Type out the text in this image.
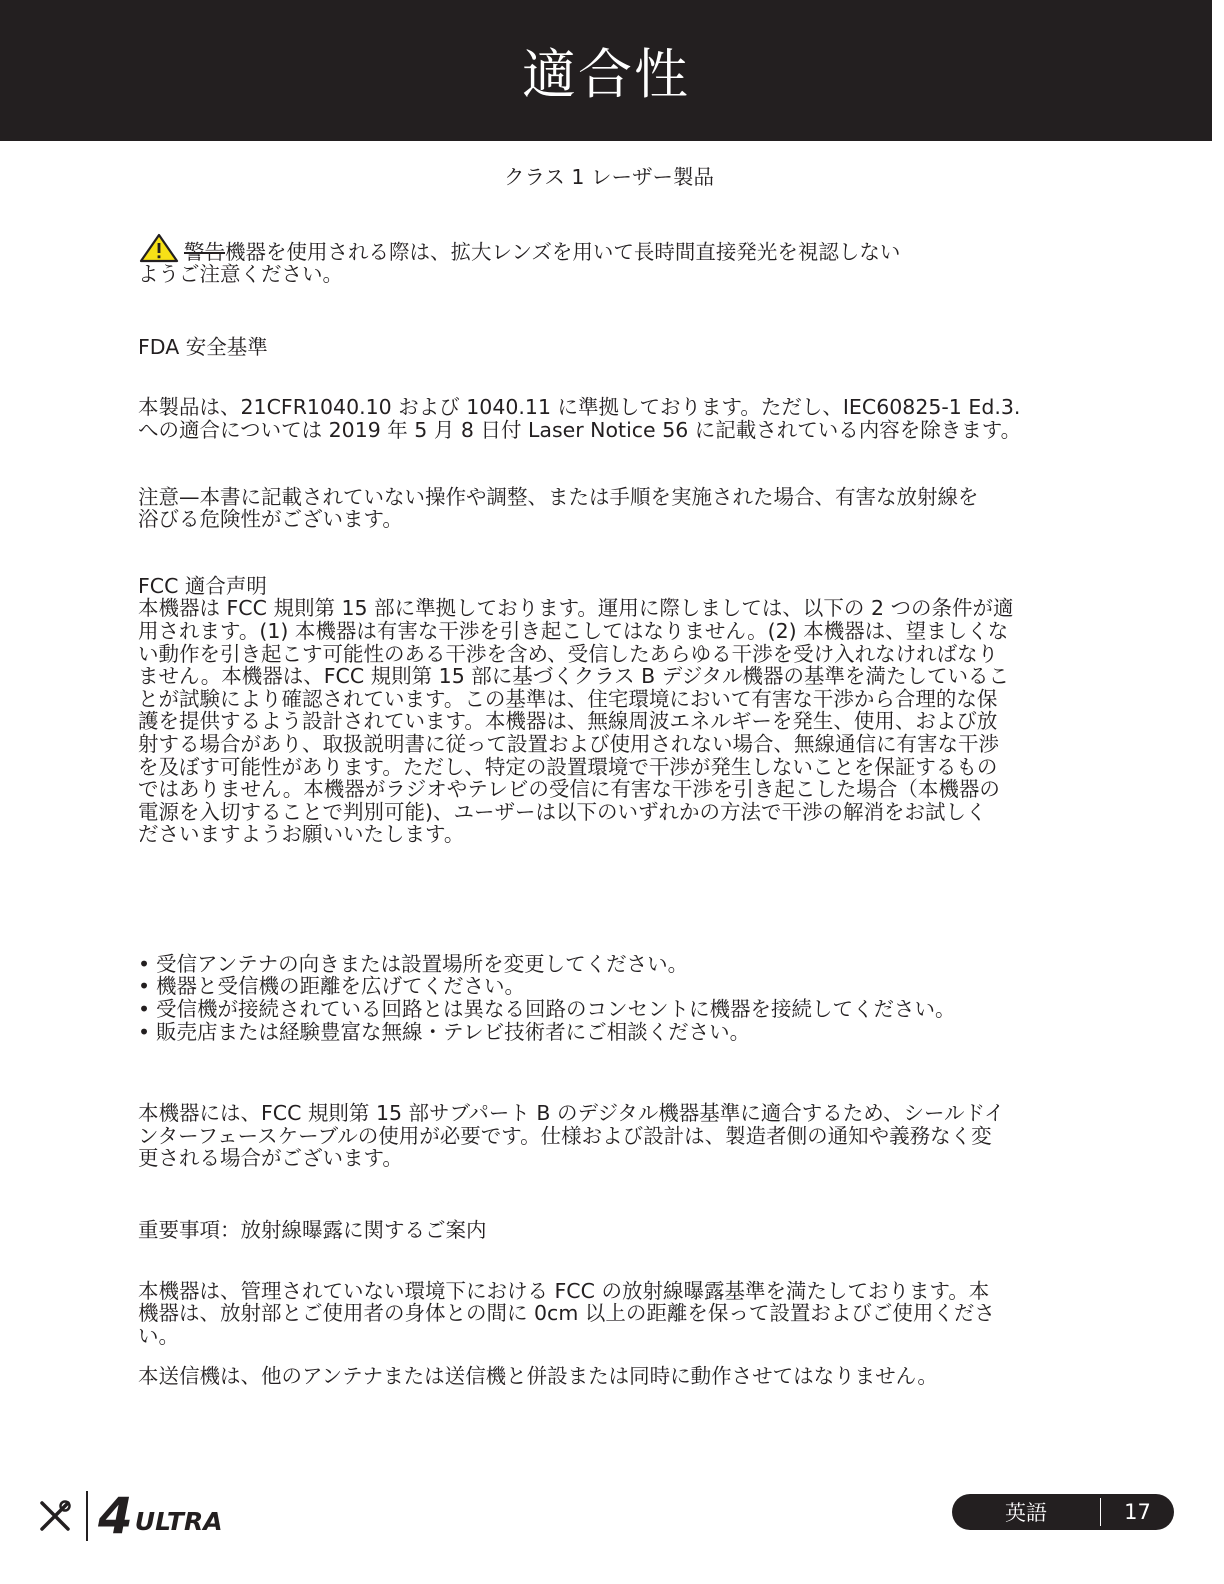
適合性

クラス 1 レーザー製品

警告機器を使用される際は、拡大レンズを用いて長時間直接発光を視認しない

ようご注意ください。

FDA 安全基準

本製品は、21CFR1040.10 および 1040.11 に準拠しております。ただし、IEC60825-1 Ed.3.

への適合については 2019 年 5 月 8 日付 Laser Notice 56 に記載されている内容を除きます。

注意—本書に記載されていない操作や調整、または手順を実施された場合、有害な放射線を

浴びる危険性がございます。

FCC 適合声明

本機器は FCC 規則第 15 部に準拠しております。運用に際しましては、以下の 2 つの条件が適

用されます。(1) 本機器は有害な干渉を引き起こしてはなりません。(2) 本機器は、望ましくな

い動作を引き起こす可能性のある干渉を含め、受信したあらゆる干渉を受け入れなければなり

ません。本機器は、FCC 規則第 15 部に基づくクラス B デジタル機器の基準を満たしているこ

とが試験により確認されています。この基準は、住宅環境において有害な干渉から合理的な保

護を提供するよう設計されています。本機器は、無線周波エネルギーを発生、使用、および放

射する場合があり、取扱説明書に従って設置および使用されない場合、無線通信に有害な干渉

を及ぼす可能性があります。ただし、特定の設置環境で干渉が発生しないことを保証するもの

ではありません。本機器がラジオやテレビの受信に有害な干渉を引き起こした場合（本機器の

電源を入切することで判別可能)、ユーザーは以下のいずれかの方法で干渉の解消をお試しく

ださいますようお願いいたします。

• 受信アンテナの向きまたは設置場所を変更してください。
• 機器と受信機の距離を広げてください。
• 受信機が接続されている回路とは異なる回路のコンセントに機器を接続してください。
• 販売店または経験豊富な無線・テレビ技術者にご相談ください。

本機器には、FCC 規則第 15 部サブパート B のデジタル機器基準に適合するため、シールドイ

ンターフェースケーブルの使用が必要です。仕様および設計は、製造者側の通知や義務なく変

更される場合がございます。

重要事項：放射線曝露に関するご案内

本機器は、管理されていない環境下における FCC の放射線曝露基準を満たしております。本

機器は、放射部とご使用者の身体との間に 0cm 以上の距離を保って設置およびご使用くださ

い。

本送信機は、他のアンテナまたは送信機と併設または同時に動作させてはなりません。

4 ULTRA	英語	17
